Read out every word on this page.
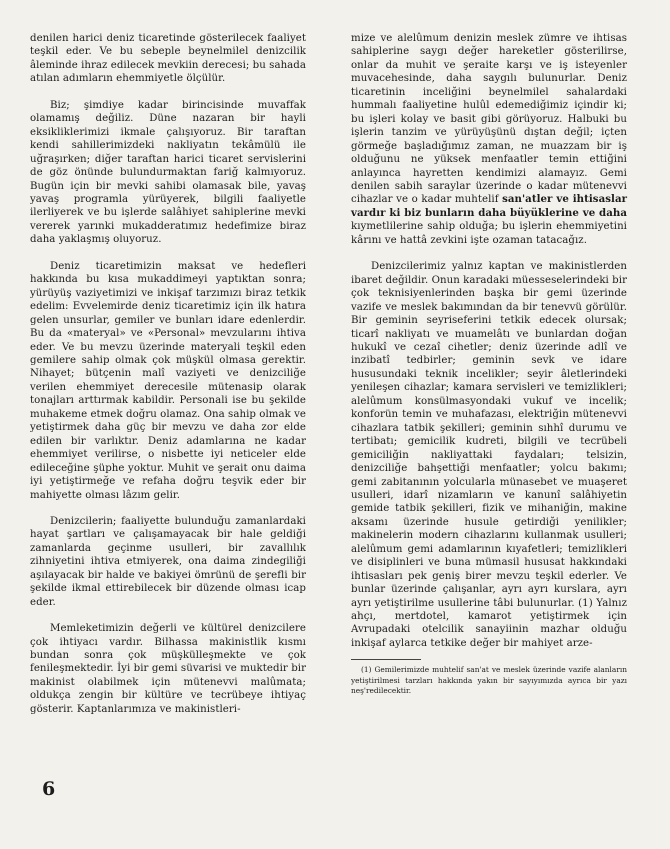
denilen harici deniz ticaretinde gösterilecek faaliyet teşkil eder. Ve bu sebeple beynelmilel denizcilik âleminde ihraz edilecek mevkiin derecesi; bu sahada atılan adımların ehemmiyetle ölçülür.

Biz; şimdiye kadar birincisinde muvaffak olamamış değiliz. Düne nazaran bir hayli eksikliklerimizi ikmale çalışıyoruz. Bir taraftan kendi sahillerimizdeki nakliyatın tekâmülü ile uğraşırken; diğer taraftan harici ticaret servislerini de göz önünde bulundurmaktan fariğ kalmıyoruz. Bugün için bir mevki sahibi olamasak bile, yavaş yavaş programla yürüyerek, bilgili faaliyetle ilerliyerek ve bu işlerde salâhiyet sahiplerine mevki vererek yarınki mukadderatımız hedefimize biraz daha yaklaşmış oluyoruz.

Deniz ticaretimizin maksat ve hedefleri hakkında bu kısa mukaddimeyi yaptıktan sonra; yürüyüş vaziyetimizi ve inkişaf tarzımızı biraz tetkik edelim: Evvelemirde deniz ticaretimiz için ilk hatıra gelen unsurlar, gemiler ve bunları idare edenlerdir. Bu da «materyal» ve «Personal» mevzularını ihtiva eder. Ve bu mevzu üzerinde materyali teşkil eden gemilere sahip olmak çok müşkül olmasa gerektir. Nihayet; bütçenin malî vaziyeti ve denizciliğe verilen ehemmiyet derecesile mütenasip olarak tonajları arttırmak kabildir. Personali ise bu şekilde muhakeme etmek doğru olamaz. Ona sahip olmak ve yetiştirmek daha güç bir mevzu ve daha zor elde edilen bir varlıktır. Deniz adamlarına ne kadar ehemmiyet verilirse, o nisbette iyi neticeler elde edileceğine şüphe yoktur. Muhit ve şerait onu daima iyi yetiştirmeğe ve refaha doğru teşvik eder bir mahiyette olması lâzım gelir.

Denizcilerin; faaliyette bulunduğu zamanlardaki hayat şartları ve çalışamayacak bir hale geldiği zamanlarda geçinme usulleri, bir zavallılık zihniyetini ihtiva etmiyerek, ona daima zindegiliği aşılayacak bir halde ve bakiyei ömrünü de şerefli bir şekilde ikmal ettirebilecek bir düzende olması icap eder.

Memleketimizin değerli ve kültürel denizcilere çok ihtiyacı vardır. Bilhassa makinistlik kısmı bundan sonra çok müşkülleşmekte ve çok fenileşmektedir. İyi bir gemi süvarisi ve muktedir bir makinist olabilmek için mütenevvi malûmata; oldukça zengin bir kültüre ve tecrübeye ihtiyaç gösterir. Kaptanlarımıza ve makinistleri-

mize ve alelûmum denizin meslek zümre ve ihtisas sahiplerine saygı değer hareketler gösterilirse, onlar da muhit ve şeraite karşı ve iş isteyenler muvacehesinde, daha saygılı bulunurlar. Deniz ticaretinin inceliğini beynelmilel sahalardaki hummalı faaliyetine hulûl edemediğimiz içindir ki; bu işleri kolay ve basit gibi görüyoruz. Halbuki bu işlerin tanzim ve yürüyüşünü dıştan değil; içten görmeğe başladığımız zaman, ne muazzam bir iş olduğunu ne yüksek menfaatler temin ettiğini anlayınca hayretten kendimizi alamayız. Gemi denilen sabih saraylar üzerinde o kadar mütenevvi cihazlar ve o kadar muhtelif san'atler ve ihtisaslar vardır ki biz bunların daha büyüklerine ve daha kıymetlilerine sahip olduğa; bu işlerin ehemmiyetini kârını ve hattâ zevkini işte ozaman tatacağız.

Denizcilerimiz yalnız kaptan ve makinistlerden ibaret değildir. Onun karadaki müesseselerindeki bir çok teknisiyenlerinden başka bir gemi üzerinde vazife ve meslek bakımından da bir tenevvü görülür. Bir geminin seyriseferini tetkik edecek olursak; ticarî nakliyatı ve muamelâtı ve bunlardan doğan hukukî ve cezaî cihetler; deniz üzerinde adlî ve inzibatî tedbirler; geminin sevk ve idare hususundaki teknik incelikler; seyir âletlerindeki yenileşen cihazlar; kamara servisleri ve temizlikleri; alelûmum konsülmasyondaki vukuf ve incelik; konforün temin ve muhafazası, elektriğin mütenevvi cihazlara tatbik şekilleri; geminin sıhhî durumu ve tertibatı; gemicilik kudreti, bilgili ve tecrübeli gemiciliğin nakliyattaki faydaları; telsizin, denizciliğe bahşettiği menfaatler; yolcu bakımı; gemi zabitanının yolcularla münasebet ve muaşeret usulleri, idarî nizamların ve kanunî salâhiyetin gemide tatbik şekilleri, fizik ve mihaniğin, makine aksamı üzerinde husule getirdiği yenilikler; makinelerin modern cihazlarını kullanmak usulleri; alelûmum gemi adamlarının kıyafetleri; temizlikleri ve disiplinleri ve buna mümasil hususat hakkındaki ihtisasları pek geniş birer mevzu teşkil ederler. Ve bunlar üzerinde çalışanlar, ayrı ayrı kurslara, ayrı ayrı yetiştirilme usullerine tâbi bulunurlar. (1) Yalnız ahçı, mertdotel, kamarot yetiştirmek için Avrupadaki otelcilik sanayiinin mazhar olduğu inkişaf aylarca tetkike değer bir mahiyet arze-

(1) Gemilerimizde muhtelif san'at ve meslek üzerinde vazife alanların yetiştirilmesi tarzları hakkında yakın bir sayıyımızda ayrıca bir yazı neş'redilecektir.

6
